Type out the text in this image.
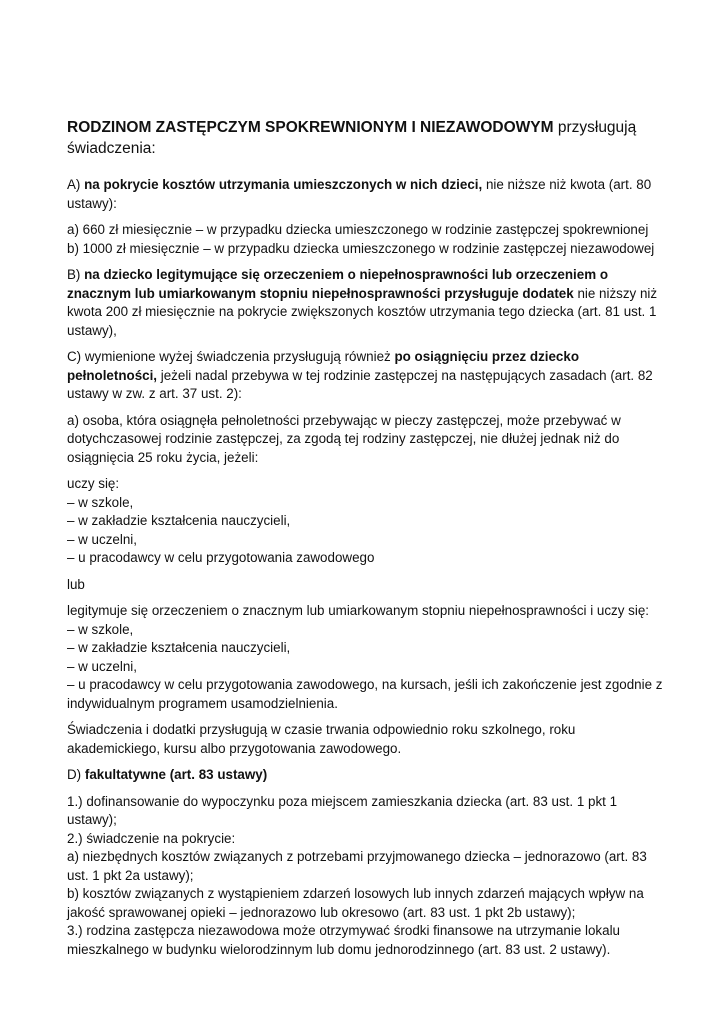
RODZINOM ZASTĘPCZYM SPOKREWNIONYM I NIEZAWODOWYM przysługują świadczenia:

A) na pokrycie kosztów utrzymania umieszczonych w nich dzieci, nie niższe niż kwota (art. 80 ustawy):

a) 660 zł miesięcznie – w przypadku dziecka umieszczonego w rodzinie zastępczej spokrewnionej
b) 1000 zł miesięcznie – w przypadku dziecka umieszczonego w rodzinie zastępczej niezawodowej

B) na dziecko legitymujące się orzeczeniem o niepełnosprawności lub orzeczeniem o znacznym lub umiarkowanym stopniu niepełnosprawności przysługuje dodatek nie niższy niż kwota 200 zł miesięcznie na pokrycie zwiększonych kosztów utrzymania tego dziecka (art. 81 ust. 1 ustawy),

C) wymienione wyżej świadczenia przysługują również po osiągnięciu przez dziecko pełnoletności, jeżeli nadal przebywa w tej rodzinie zastępczej na następujących zasadach (art. 82 ustawy w zw. z art. 37 ust. 2):

a) osoba, która osiągnęła pełnoletności przebywając w pieczy zastępczej, może przebywać w dotychczasowej rodzinie zastępczej, za zgodą tej rodziny zastępczej, nie dłużej jednak niż do osiągnięcia 25 roku życia, jeżeli:

uczy się:
– w szkole,
– w zakładzie kształcenia nauczycieli,
– w uczelni,
– u pracodawcy w celu przygotowania zawodowego

lub

legitymuje się orzeczeniem o znacznym lub umiarkowanym stopniu niepełnosprawności i uczy się:
– w szkole,
– w zakładzie kształcenia nauczycieli,
– w uczelni,
– u pracodawcy w celu przygotowania zawodowego, na kursach, jeśli ich zakończenie jest zgodnie z indywidualnym programem usamodzielnienia.

Świadczenia i dodatki przysługują w czasie trwania odpowiednio roku szkolnego, roku akademickiego, kursu albo przygotowania zawodowego.

D) fakultatywne (art. 83 ustawy)

1.) dofinansowanie do wypoczynku poza miejscem zamieszkania dziecka (art. 83 ust. 1 pkt 1 ustawy);
2.) świadczenie na pokrycie:
a) niezbędnych kosztów związanych z potrzebami przyjmowanego dziecka – jednorazowo (art. 83 ust. 1 pkt 2a ustawy);
b) kosztów związanych z wystąpieniem zdarzeń losowych lub innych zdarzeń mających wpływ na jakość sprawowanej opieki – jednorazowo lub okresowo (art. 83 ust. 1 pkt 2b ustawy);
3.) rodzina zastępcza niezawodowa może otrzymywać środki finansowe na utrzymanie lokalu mieszkalnego w budynku wielorodzinnym lub domu jednorodzinnego (art. 83 ust. 2 ustawy).
